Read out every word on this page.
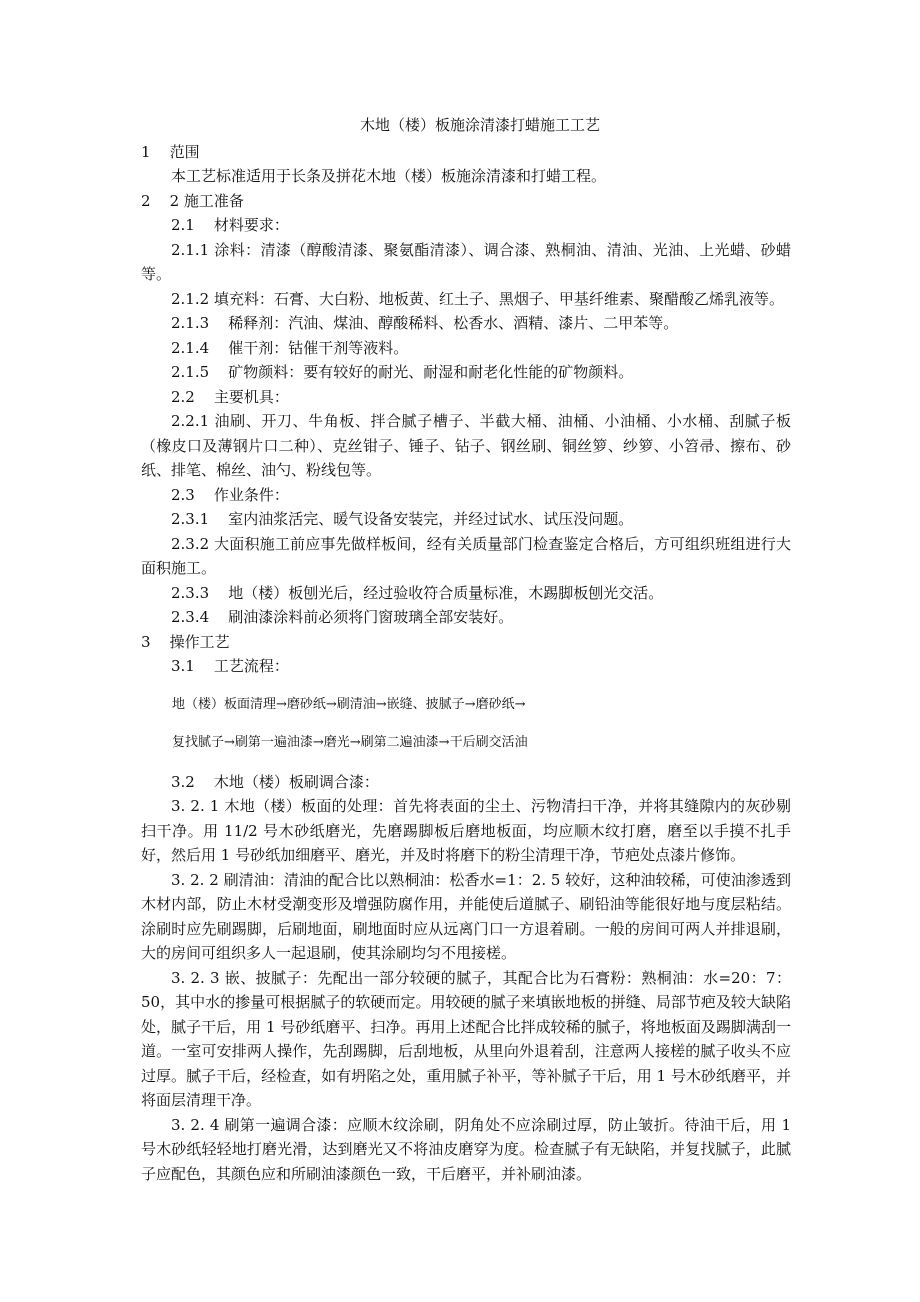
木地（楼）板施涂清漆打蜡施工工艺

1    范围

本工艺标准适用于长条及拼花木地（楼）板施涂清漆和打蜡工程。

2    2 施工准备

2.1    材料要求：

2.1.1 涂料：清漆（醇酸清漆、聚氨酯清漆）、调合漆、熟桐油、清油、光油、上光蜡、砂蜡等。

2.1.2 填充料：石膏、大白粉、地板黄、红土子、黑烟子、甲基纤维素、聚醋酸乙烯乳液等。

2.1.3    稀释剂：汽油、煤油、醇酸稀料、松香水、酒精、漆片、二甲苯等。

2.1.4    催干剂：钴催干剂等液料。

2.1.5    矿物颜料：要有较好的耐光、耐湿和耐老化性能的矿物颜料。

2.2    主要机具：

2.2.1 油刷、开刀、牛角板、拌合腻子槽子、半截大桶、油桶、小油桶、小水桶、刮腻子板（橡皮口及薄钢片口二种）、克丝钳子、锤子、钻子、钢丝刷、铜丝箩、纱箩、小笤帚、擦布、砂纸、排笔、棉丝、油勺、粉线包等。

2.3    作业条件：

2.3.1    室内油浆活完、暖气设备安装完，并经过试水、试压没问题。

2.3.2 大面积施工前应事先做样板间，经有关质量部门检查鉴定合格后，方可组织班组进行大面积施工。

2.3.3    地（楼）板刨光后，经过验收符合质量标准，木踢脚板刨光交活。

2.3.4    刷油漆涂料前必须将门窗玻璃全部安装好。

3    操作工艺

3.1    工艺流程：

地（楼）板面清理→磨砂纸→刷清油→嵌缝、披腻子→磨砂纸→

复找腻子→刷第一遍油漆→磨光→刷第二遍油漆→干后刷交活油

3.2    木地（楼）板刷调合漆：

3. 2. 1 木地（楼）板面的处理：首先将表面的尘土、污物清扫干净，并将其缝隙内的灰砂剔扫干净。用 11/2 号木砂纸磨光，先磨踢脚板后磨地板面，均应顺木纹打磨，磨至以手摸不扎手好，然后用 1 号砂纸加细磨平、磨光，并及时将磨下的粉尘清理干净，节疤处点漆片修饰。

3. 2. 2 刷清油：清油的配合比以熟桐油：松香水=1：2. 5 较好，这种油较稀，可使油渗透到木材内部，防止木材受潮变形及增强防腐作用，并能使后道腻子、刷铅油等能很好地与度层粘结。涂刷时应先刷踢脚，后刷地面，刷地面时应从远离门口一方退着刷。一般的房间可两人并排退刷，大的房间可组织多人一起退刷，使其涂刷均匀不甩接槎。

3. 2. 3 嵌、披腻子：先配出一部分较硬的腻子，其配合比为石膏粉：熟桐油：水=20：7：50，其中水的掺量可根据腻子的软硬而定。用较硬的腻子来填嵌地板的拼缝、局部节疤及较大缺陷处，腻子干后，用 1 号砂纸磨平、扫净。再用上述配合比拌成较稀的腻子，将地板面及踢脚满刮一道。一室可安排两人操作，先刮踢脚，后刮地板，从里向外退着刮，注意两人接槎的腻子收头不应过厚。腻子干后，经检查，如有坍陷之处，重用腻子补平，等补腻子干后，用 1 号木砂纸磨平，并将面层清理干净。

3. 2. 4 刷第一遍调合漆：应顺木纹涂刷，阴角处不应涂刷过厚，防止皱折。待油干后，用 1 号木砂纸轻轻地打磨光滑，达到磨光又不将油皮磨穿为度。检查腻子有无缺陷，并复找腻子，此腻子应配色，其颜色应和所刷油漆颜色一致，干后磨平，并补刷油漆。
